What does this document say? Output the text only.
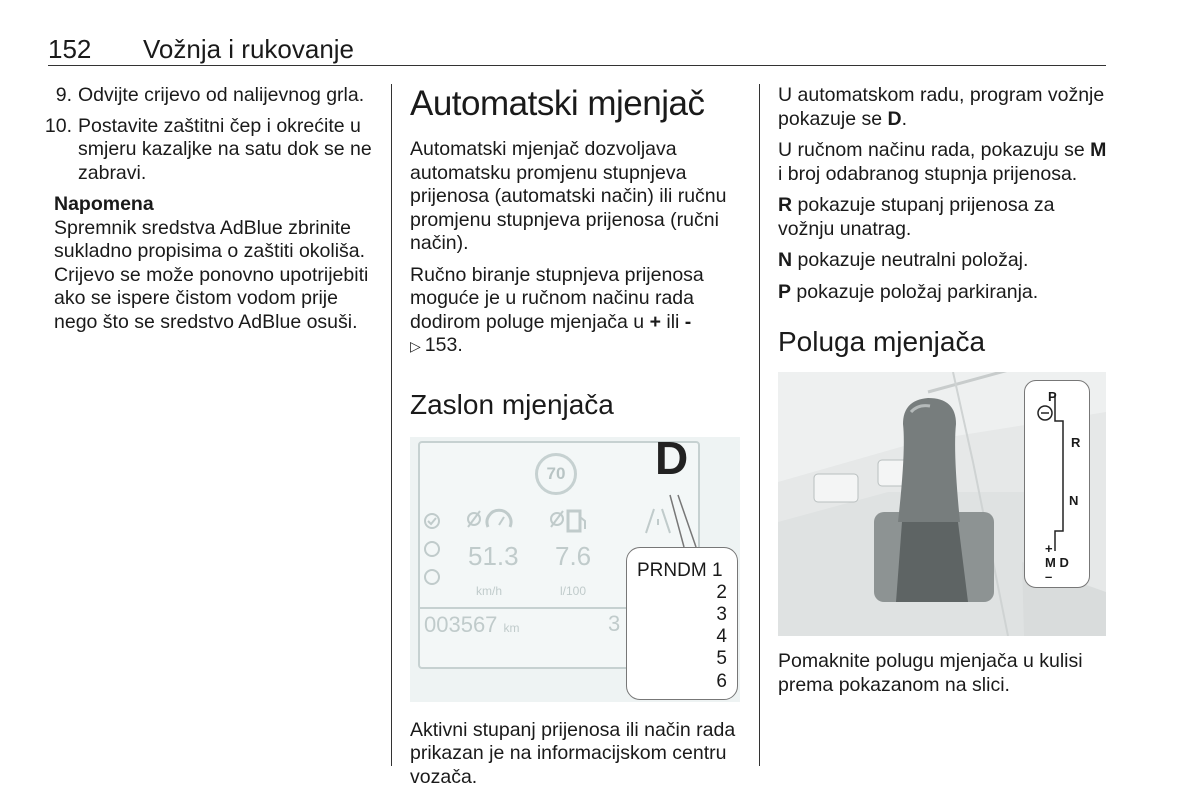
152 Vožnja i rukovanje
9. Odvijte crijevo od nalijevnog grla.
10. Postavite zaštitni čep i okrećite u smjeru kazaljke na satu dok se ne zabravi.
Napomena
Spremnik sredstva AdBlue zbrinite sukladno propisima o zaštiti okoliša. Crijevo se može ponovno upotrijebiti ako se ispere čistom vodom prije nego što se sredstvo AdBlue osuši.
Automatski mjenjač

Automatski mjenjač dozvoljava automatsku promjenu stupnjeva prijenosa (automatski način) ili ručnu promjenu stupnjeva prijenosa (ručni način).

Ručno biranje stupnjeva prijenosa moguće je u ručnom načinu rada dodirom poluge mjenjača u + ili -
▷ 153.

Zaslon mjenjača
70 D
51.3
km/h
7.6
l/100
003567 km	3
PRNDM 1
2
3
4
5
6

Aktivni stupanj prijenosa ili način rada prikazan je na informacijskom centru vozača.

U automatskom radu, program vožnje pokazuje se D.

U ručnom načinu rada, pokazuju se M i broj odabranog stupnja prijenosa.

R pokazuje stupanj prijenosa za vožnju unatrag.

N pokazuje neutralni položaj.

P pokazuje položaj parkiranja.

Poluga mjenjača
P
R
N
+
M D
–

Pomaknite polugu mjenjača u kulisi prema pokazanom na slici.
